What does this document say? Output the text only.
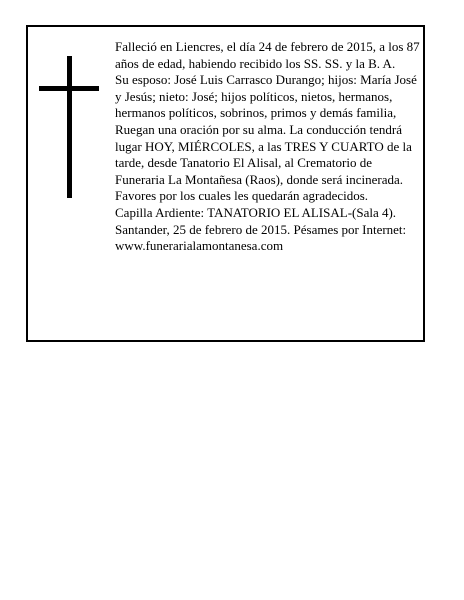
Falleció en Liencres, el día 24 de febrero de 2015, a los 87 años de edad, habiendo recibido los SS. SS. y la B. A.

Su esposo: José Luis Carrasco Durango; hijos: María José y Jesús; nieto: José; hijos políticos, nietos, hermanos, hermanos políticos, sobrinos, primos y demás familia,

Ruegan una oración por su alma. La conducción tendrá lugar HOY, MIÉRCOLES, a las TRES Y CUARTO de la tarde, desde Tanatorio El Alisal, al Crematorio de Funeraria La Montañesa (Raos), donde será incinerada.

Favores por los cuales les quedarán agradecidos.

Capilla Ardiente: TANATORIO EL ALISAL-(Sala 4).

Santander, 25 de febrero de 2015. Pésames por Internet: www.funerarialamontanesa.com
